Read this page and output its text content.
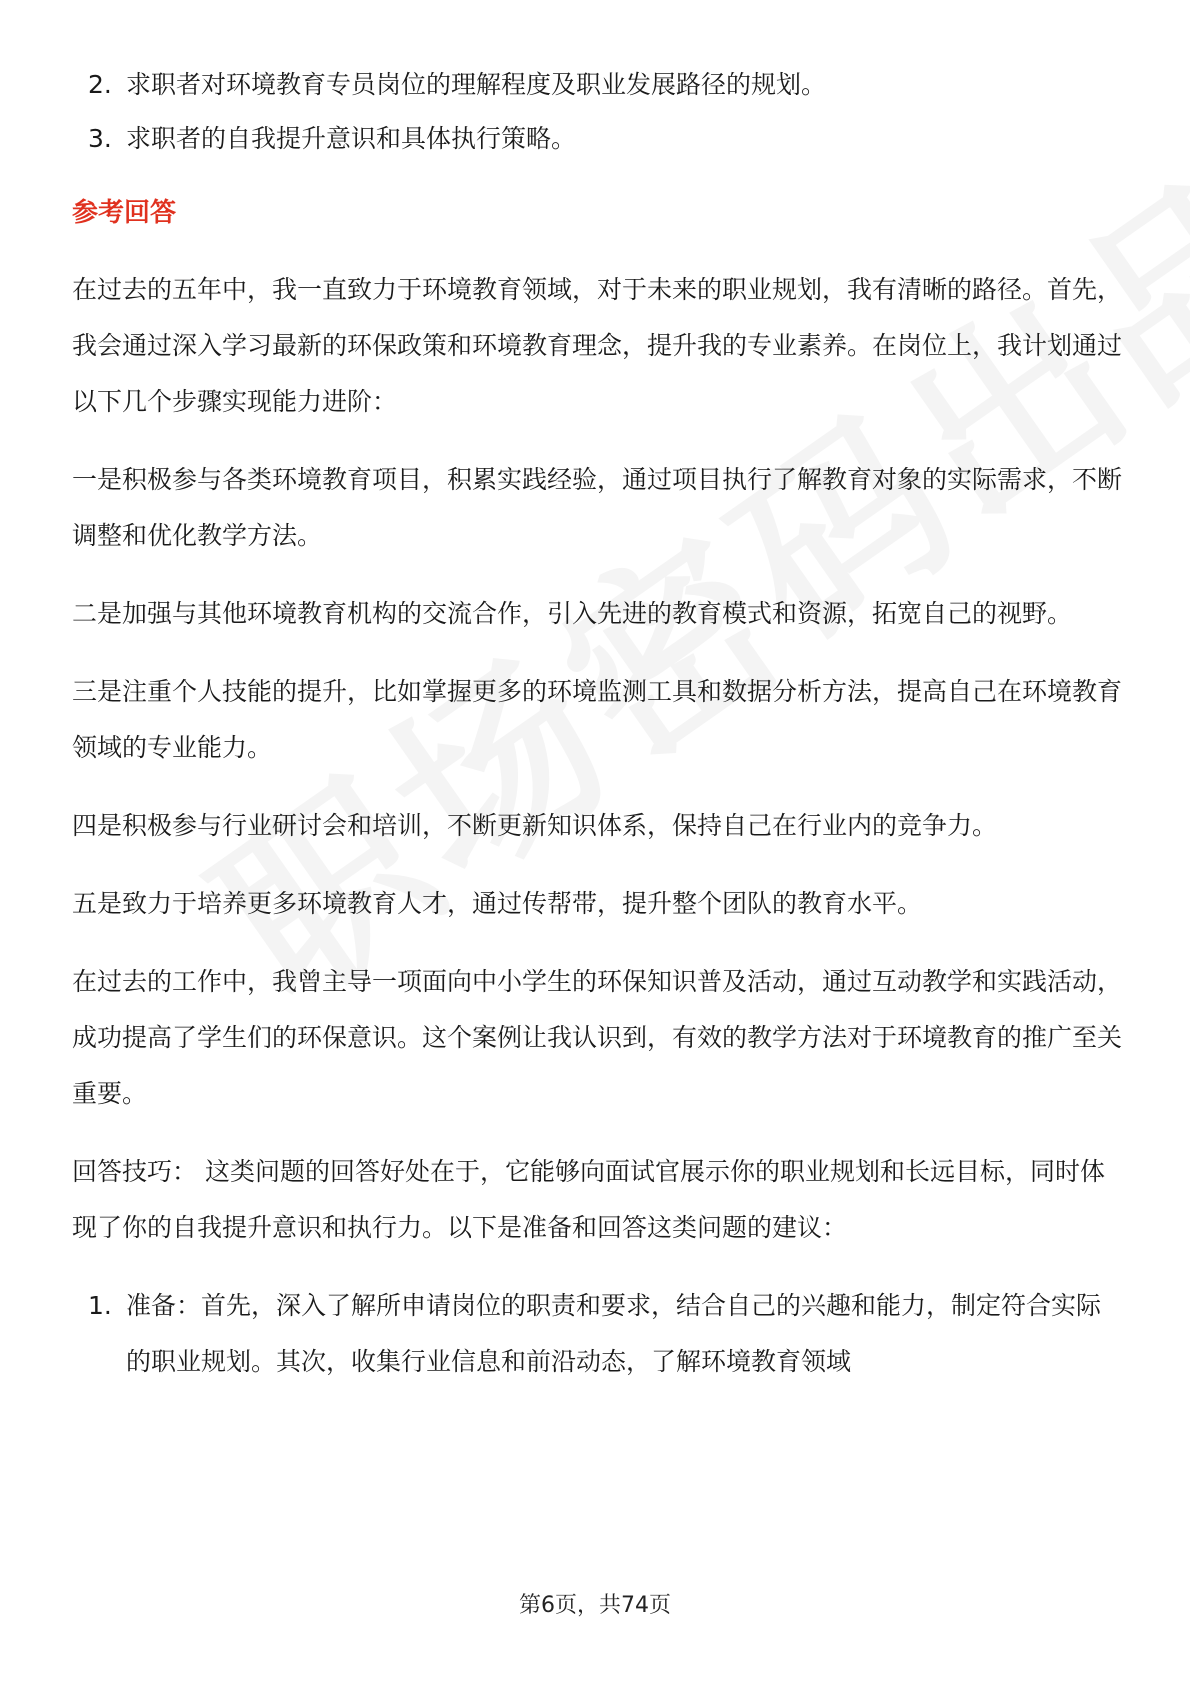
2. 求职者对环境教育专员岗位的理解程度及职业发展路径的规划。
3. 求职者的自我提升意识和具体执行策略。
参考回答

在过去的五年中，我一直致力于环境教育领域，对于未来的职业规划，我有清晰的路径。首先，我会通过深入学习最新的环保政策和环境教育理念，提升我的专业素养。在岗位上，我计划通过以下几个步骤实现能力进阶：

一是积极参与各类环境教育项目，积累实践经验，通过项目执行了解教育对象的实际需求，不断调整和优化教学方法。

二是加强与其他环境教育机构的交流合作，引入先进的教育模式和资源，拓宽自己的视野。

三是注重个人技能的提升，比如掌握更多的环境监测工具和数据分析方法，提高自己在环境教育领域的专业能力。

四是积极参与行业研讨会和培训，不断更新知识体系，保持自己在行业内的竞争力。

五是致力于培养更多环境教育人才，通过传帮带，提升整个团队的教育水平。

在过去的工作中，我曾主导一项面向中小学生的环保知识普及活动，通过互动教学和实践活动，成功提高了学生们的环保意识。这个案例让我认识到，有效的教学方法对于环境教育的推广至关重要。

回答技巧： 这类问题的回答好处在于，它能够向面试官展示你的职业规划和长远目标，同时体现了你的自我提升意识和执行力。以下是准备和回答这类问题的建议：

1. 准备：首先，深入了解所申请岗位的职责和要求，结合自己的兴趣和能力，制定符合实际的职业规划。其次，收集行业信息和前沿动态，了解环境教育领域
第6页，共74页
